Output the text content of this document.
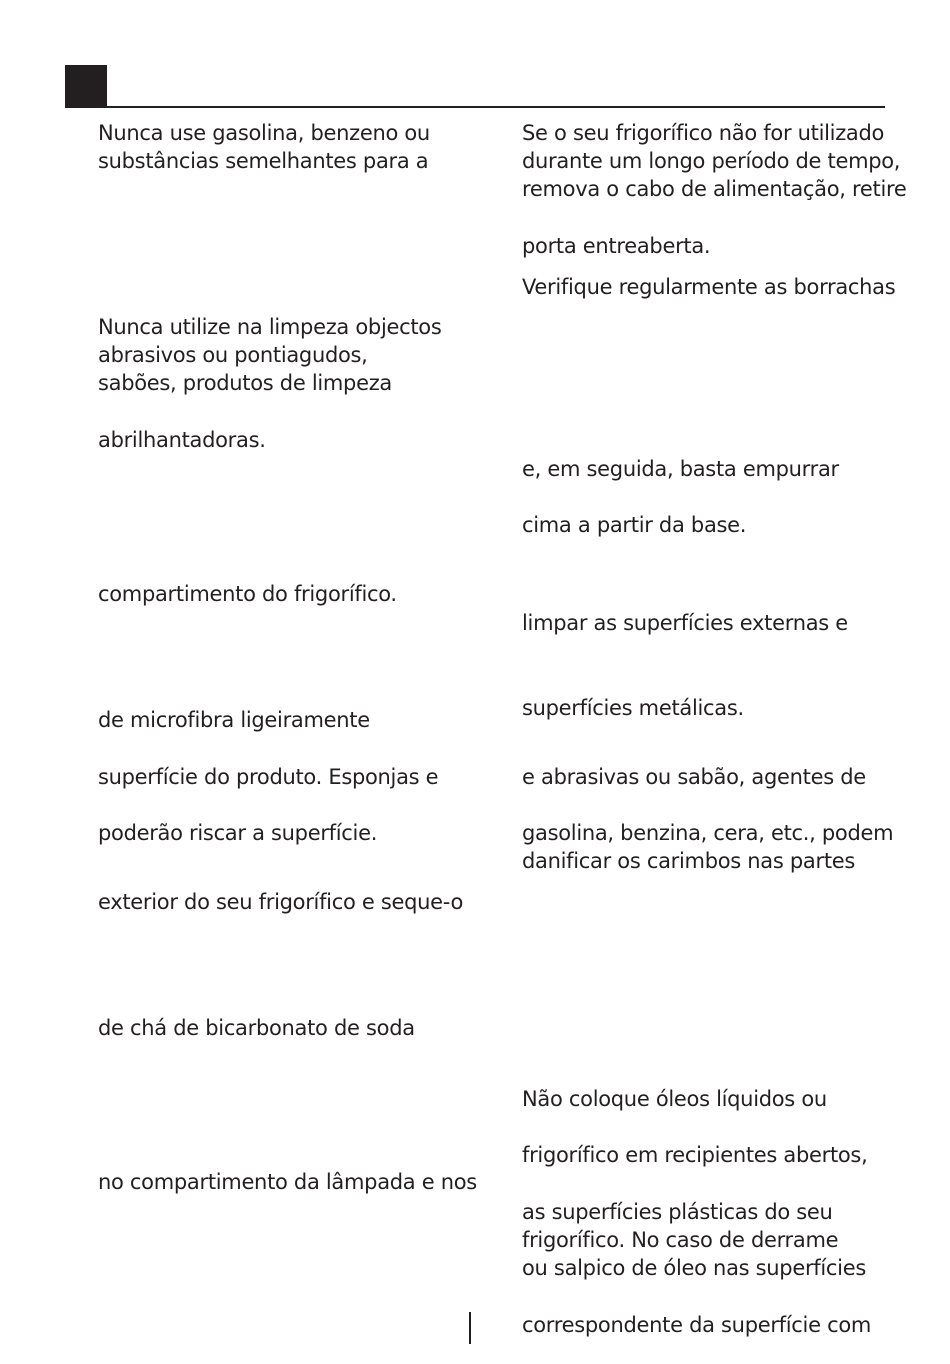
Nunca use gasolina, benzeno ou
substâncias semelhantes para a
Nunca utilize na limpeza objectos
abrasivos ou pontiagudos,
sabões, produtos de limpeza
abrilhantadoras.
compartimento do frigorífico.
de microfibra ligeiramente
superfície do produto. Esponjas e
poderão riscar a superfície.
exterior do seu frigorífico e seque-o
de chá de bicarbonato de soda
no compartimento da lâmpada e nos
Se o seu frigorífico não for utilizado
durante um longo período de tempo,
remova o cabo de alimentação, retire
porta entreaberta.
Verifique regularmente as borrachas
e, em seguida, basta empurrar
cima a partir da base.
limpar as superfícies externas e
superfícies metálicas.
e abrasivas ou sabão, agentes de
gasolina, benzina, cera, etc., podem
danificar os carimbos nas partes
Não coloque óleos líquidos ou
frigorífico em recipientes abertos,
as superfícies plásticas do seu
frigorífico. No caso de derrame
ou salpico de óleo nas superfícies
correspondente da superfície com
